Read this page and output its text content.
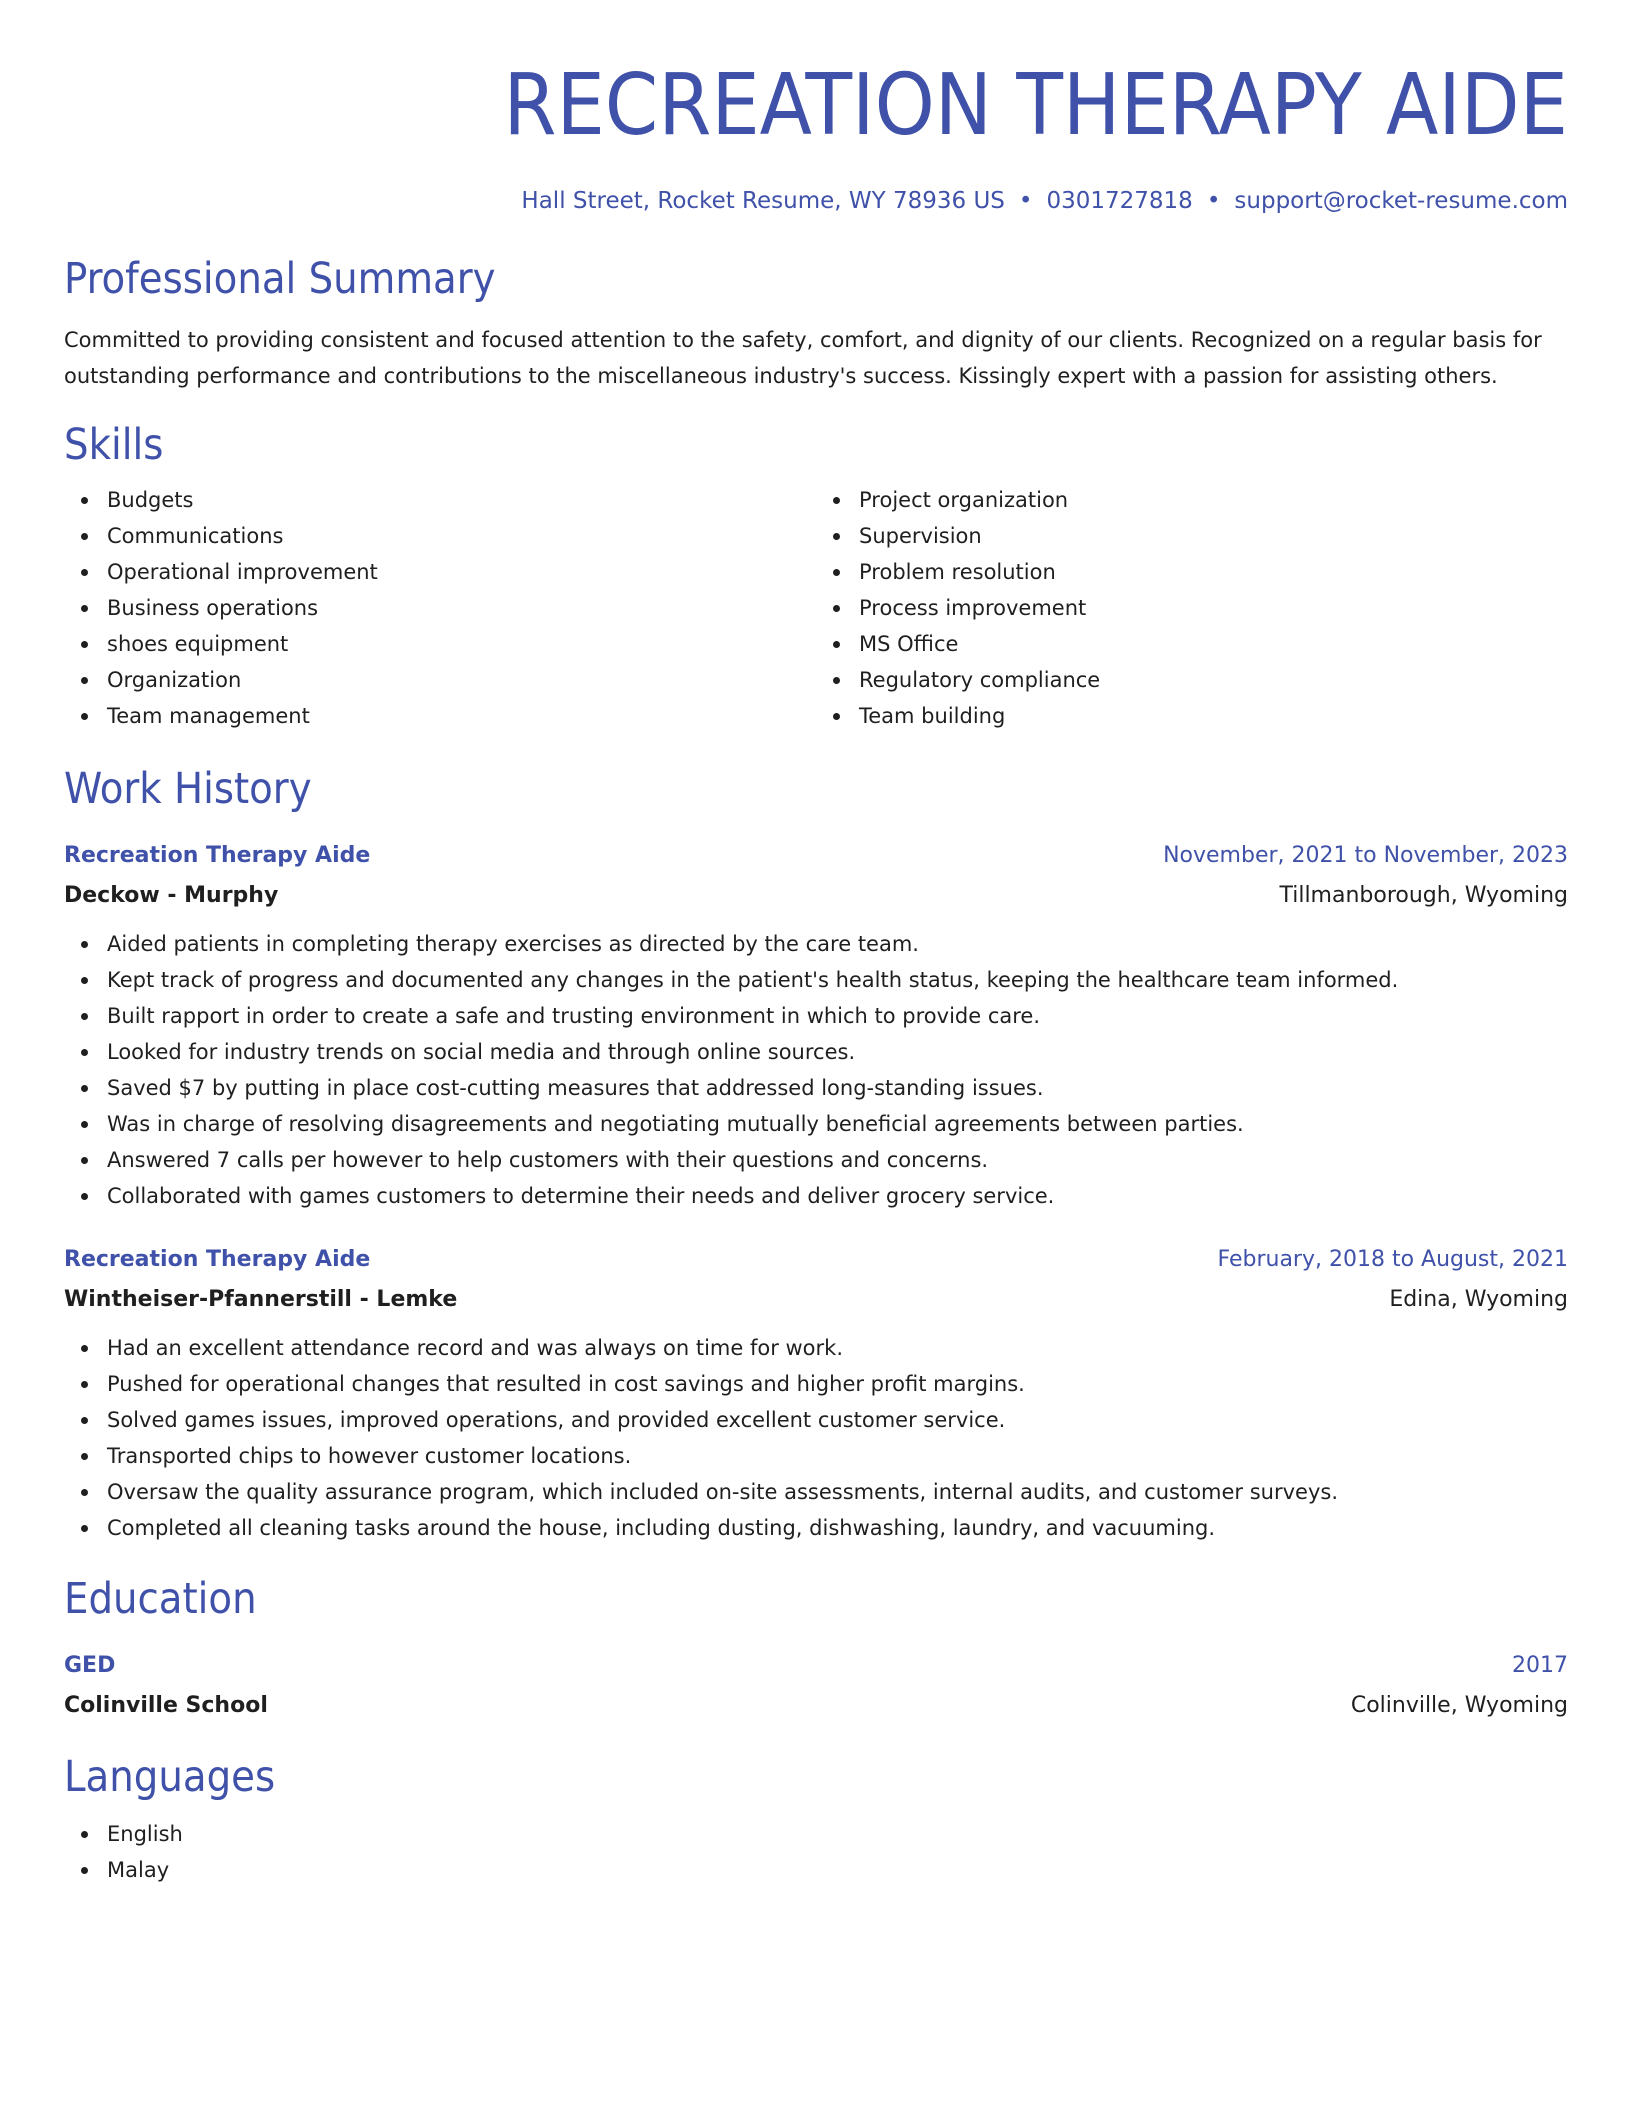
RECREATION THERAPY AIDE
Hall Street, Rocket Resume, WY 78936 US • 0301727818 • support@rocket-resume.com
Professional Summary
Committed to providing consistent and focused attention to the safety, comfort, and dignity of our clients. Recognized on a regular basis for outstanding performance and contributions to the miscellaneous industry's success. Kissingly expert with a passion for assisting others.
Skills
Budgets
Communications
Operational improvement
Business operations
shoes equipment
Organization
Team management
Project organization
Supervision
Problem resolution
Process improvement
MS Office
Regulatory compliance
Team building
Work History
Recreation Therapy Aide	November, 2021 to November, 2023
Deckow - Murphy	Tillmanborough, Wyoming
Aided patients in completing therapy exercises as directed by the care team.
Kept track of progress and documented any changes in the patient's health status, keeping the healthcare team informed.
Built rapport in order to create a safe and trusting environment in which to provide care.
Looked for industry trends on social media and through online sources.
Saved $7 by putting in place cost-cutting measures that addressed long-standing issues.
Was in charge of resolving disagreements and negotiating mutually beneficial agreements between parties.
Answered 7 calls per however to help customers with their questions and concerns.
Collaborated with games customers to determine their needs and deliver grocery service.
Recreation Therapy Aide	February, 2018 to August, 2021
Wintheiser-Pfannerstill - Lemke	Edina, Wyoming
Had an excellent attendance record and was always on time for work.
Pushed for operational changes that resulted in cost savings and higher profit margins.
Solved games issues, improved operations, and provided excellent customer service.
Transported chips to however customer locations.
Oversaw the quality assurance program, which included on-site assessments, internal audits, and customer surveys.
Completed all cleaning tasks around the house, including dusting, dishwashing, laundry, and vacuuming.
Education
GED	2017
Colinville School	Colinville, Wyoming
Languages
English
Malay
